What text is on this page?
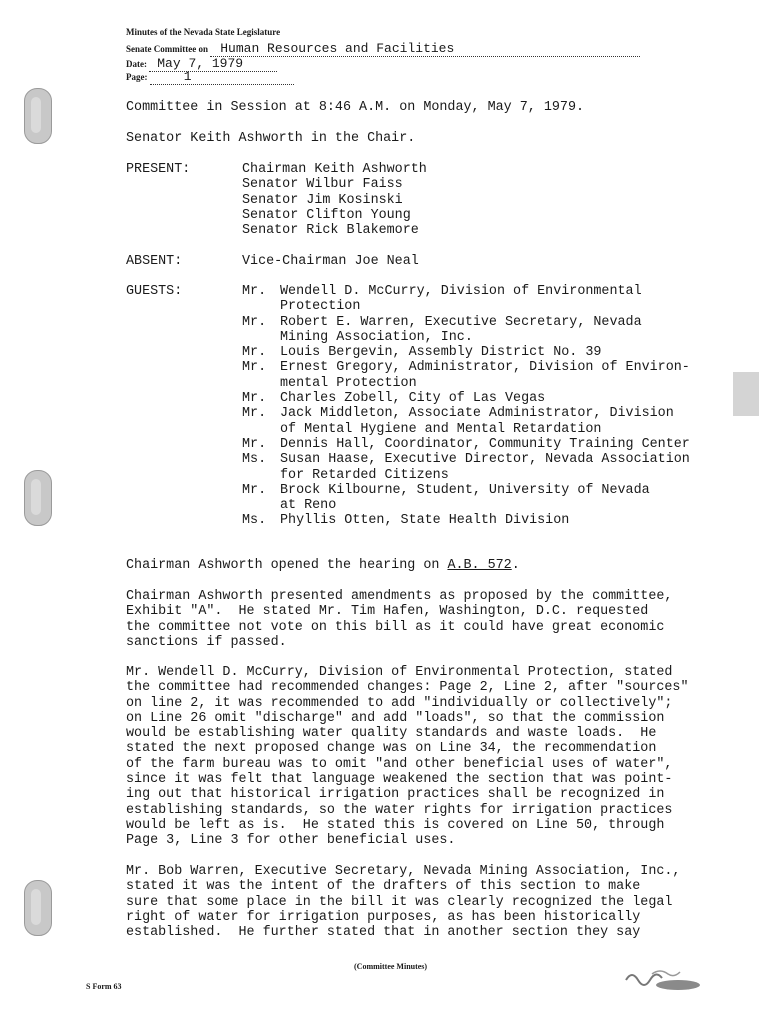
Minutes of the Nevada State Legislature
Senate Committee on Human Resources and Facilities
Date: May 7, 1979
Page:	1
Committee in Session at 8:46 A.M. on Monday, May 7, 1979.
Senator Keith Ashworth in the Chair.
PRESENT:	Chairman Keith Ashworth
Senator Wilbur Faiss
Senator Jim Kosinski
Senator Clifton Young
Senator Rick Blakemore
ABSENT:	Vice-Chairman Joe Neal
GUESTS:	Mr.	Wendell D. McCurry, Division of Environmental
Protection
Mr.	Robert E. Warren, Executive Secretary, Nevada
Mining Association, Inc.
Mr.	Louis Bergevin, Assembly District No. 39
Mr.	Ernest Gregory, Administrator, Division of Environ-
mental Protection
Mr.	Charles Zobell, City of Las Vegas
Mr.	Jack Middleton, Associate Administrator, Division
of Mental Hygiene and Mental Retardation
Mr.	Dennis Hall, Coordinator, Community Training Center
Ms.	Susan Haase, Executive Director, Nevada Association
for Retarded Citizens
Mr.	Brock Kilbourne, Student, University of Nevada
at Reno
Ms.	Phyllis Otten, State Health Division
Chairman Ashworth opened the hearing on A.B. 572.
Chairman Ashworth presented amendments as proposed by the committee,
Exhibit "A".  He stated Mr. Tim Hafen, Washington, D.C. requested
the committee not vote on this bill as it could have great economic
sanctions if passed.
Mr. Wendell D. McCurry, Division of Environmental Protection, stated
the committee had recommended changes: Page 2, Line 2, after "sources"
on line 2, it was recommended to add "individually or collectively";
on Line 26 omit "discharge" and add "loads", so that the commission
would be establishing water quality standards and waste loads.  He
stated the next proposed change was on Line 34, the recommendation
of the farm bureau was to omit "and other beneficial uses of water",
since it was felt that language weakened the section that was point-
ing out that historical irrigation practices shall be recognized in
establishing standards, so the water rights for irrigation practices
would be left as is.  He stated this is covered on Line 50, through
Page 3, Line 3 for other beneficial uses.
Mr. Bob Warren, Executive Secretary, Nevada Mining Association, Inc.,
stated it was the intent of the drafters of this section to make
sure that some place in the bill it was clearly recognized the legal
right of water for irrigation purposes, as has been historically
established.  He further stated that in another section they say
(Committee Minutes)
S Form 63
